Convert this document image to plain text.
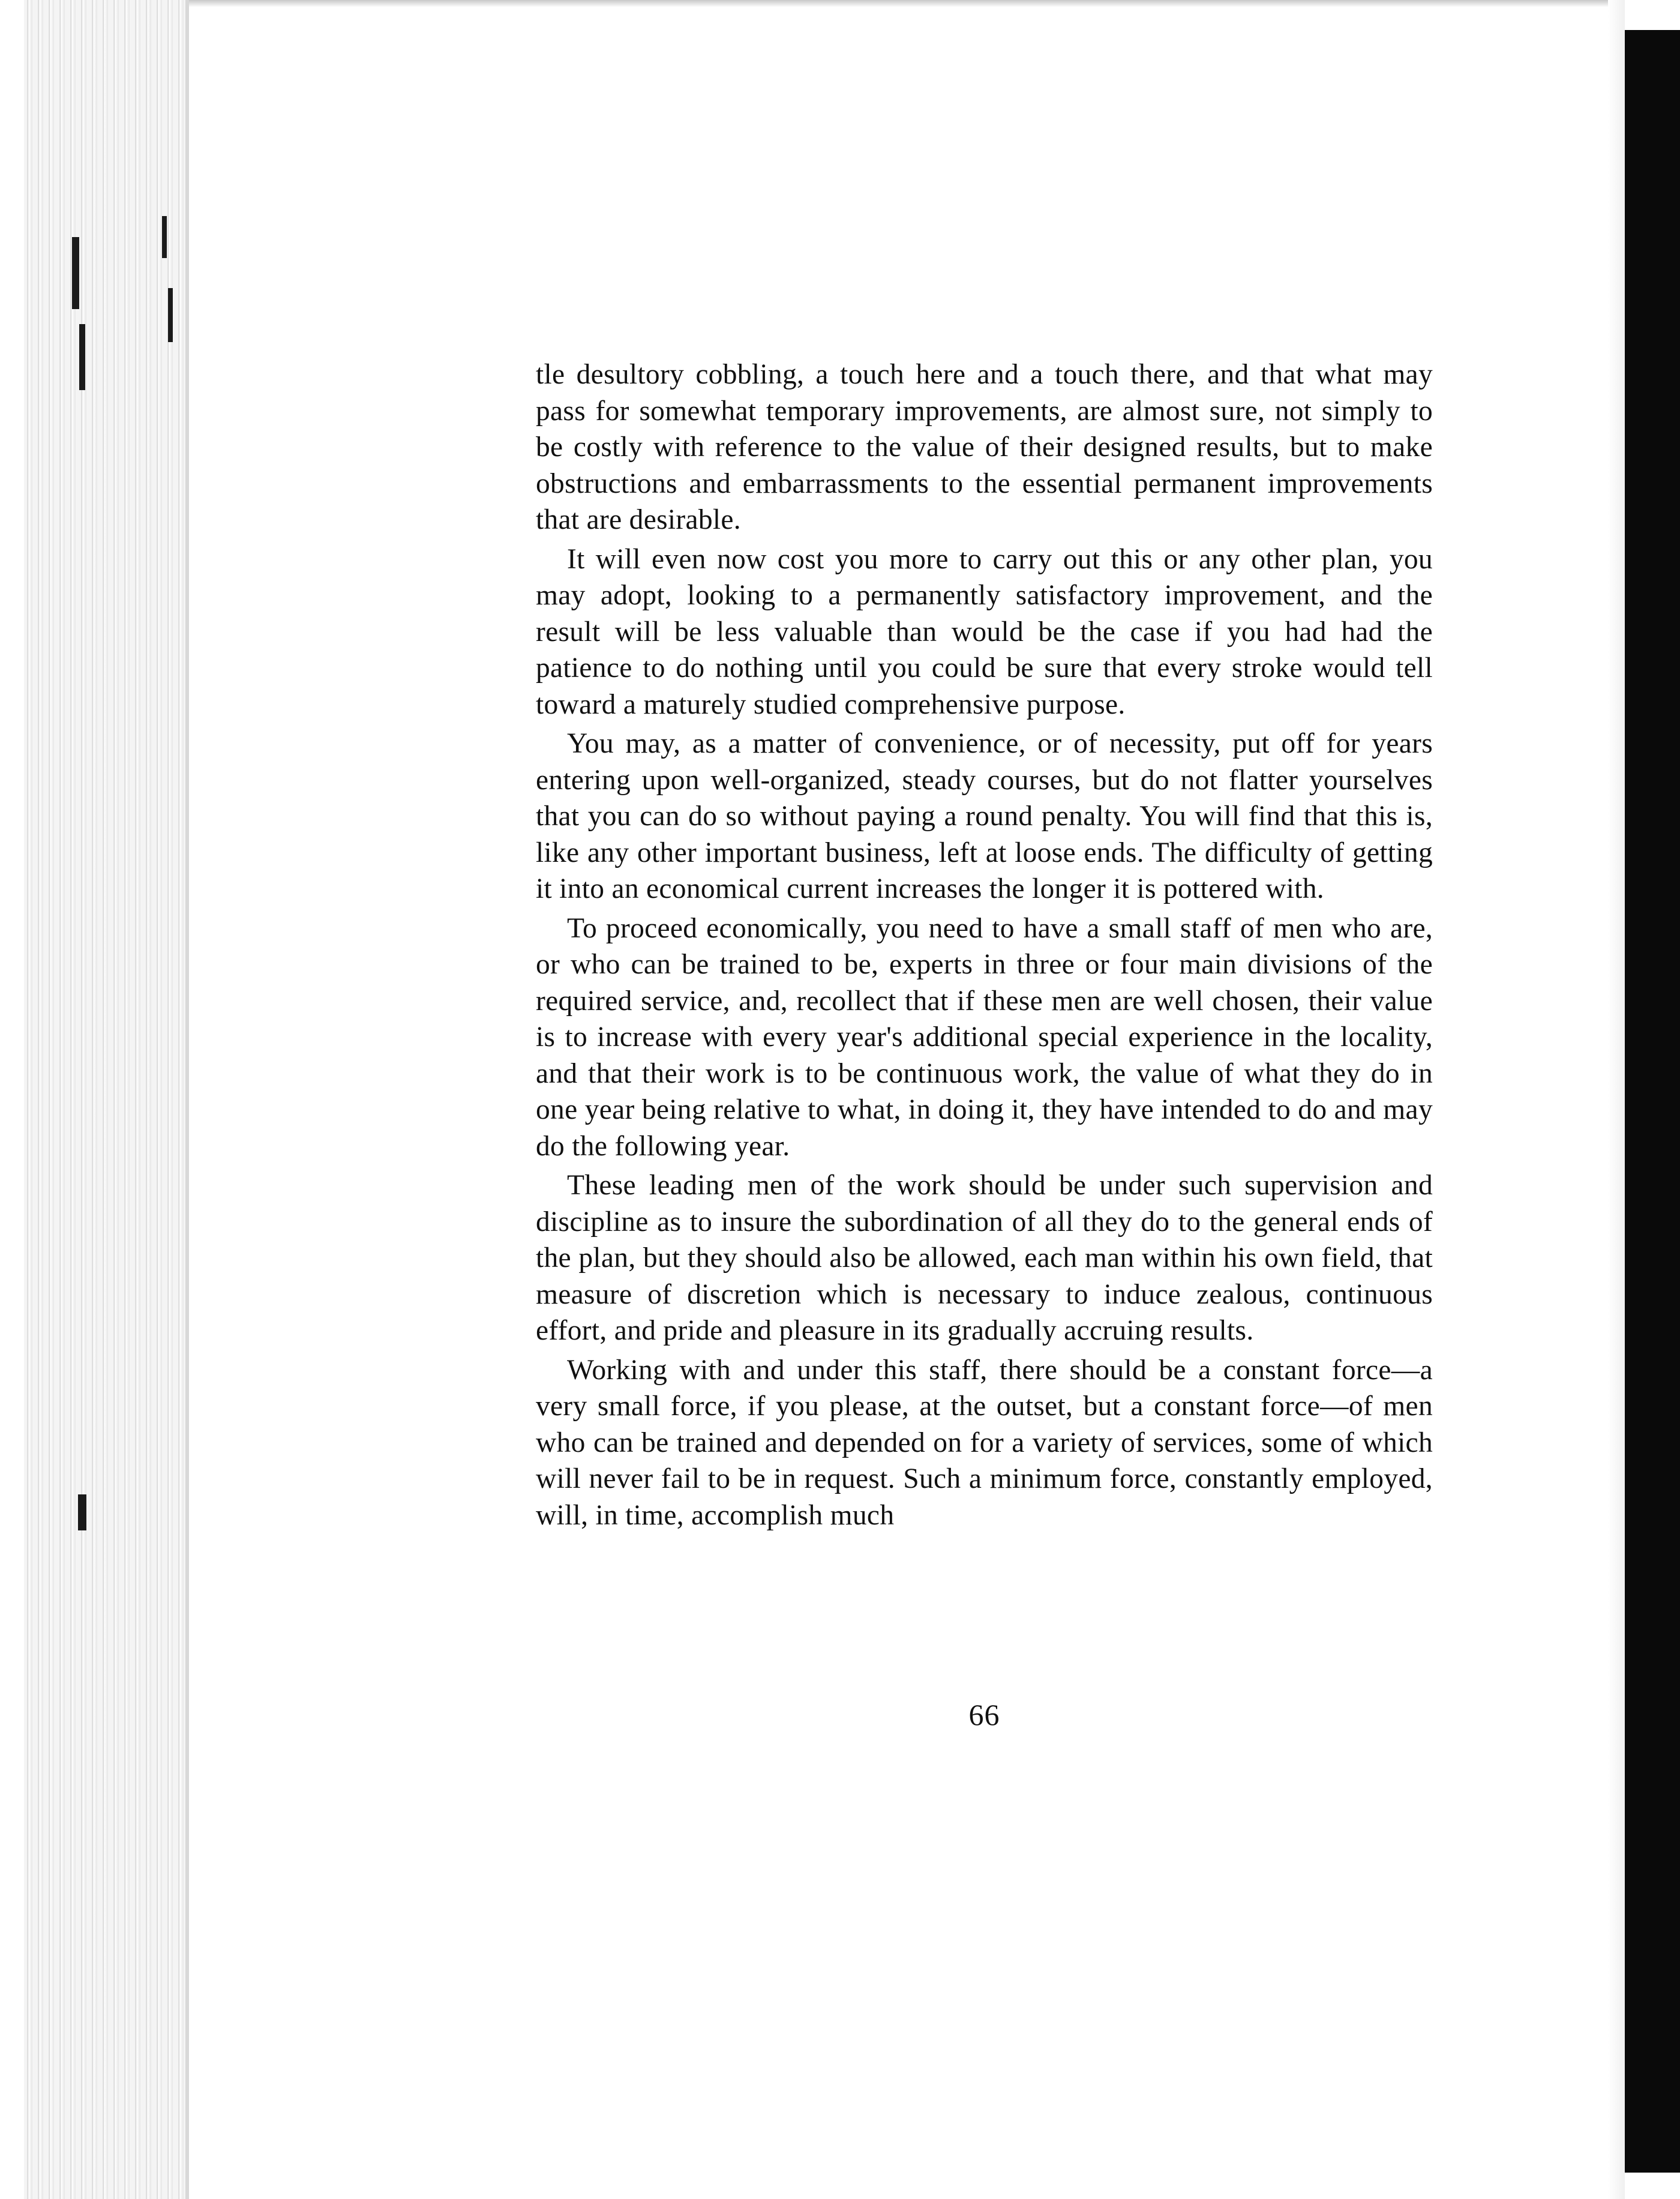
tle desultory cobbling, a touch here and a touch there, and that what may pass for somewhat temporary improvements, are almost sure, not simply to be costly with reference to the value of their designed results, but to make obstructions and embarrassments to the essential permanent improvements that are desirable.

It will even now cost you more to carry out this or any other plan, you may adopt, looking to a permanently satisfactory improvement, and the result will be less valuable than would be the case if you had had the patience to do nothing until you could be sure that every stroke would tell toward a maturely studied comprehensive purpose.

You may, as a matter of convenience, or of necessity, put off for years entering upon well-organized, steady courses, but do not flatter yourselves that you can do so without paying a round penalty. You will find that this is, like any other important business, left at loose ends. The difficulty of getting it into an economical current increases the longer it is pottered with.

To proceed economically, you need to have a small staff of men who are, or who can be trained to be, experts in three or four main divisions of the required service, and, recollect that if these men are well chosen, their value is to increase with every year's additional special experience in the locality, and that their work is to be continuous work, the value of what they do in one year being relative to what, in doing it, they have intended to do and may do the following year.

These leading men of the work should be under such supervision and discipline as to insure the subordination of all they do to the general ends of the plan, but they should also be allowed, each man within his own field, that measure of discretion which is necessary to induce zealous, continuous effort, and pride and pleasure in its gradually accruing results.

Working with and under this staff, there should be a constant force—a very small force, if you please, at the outset, but a constant force—of men who can be trained and depended on for a variety of services, some of which will never fail to be in request. Such a minimum force, constantly employed, will, in time, accomplish much

66
